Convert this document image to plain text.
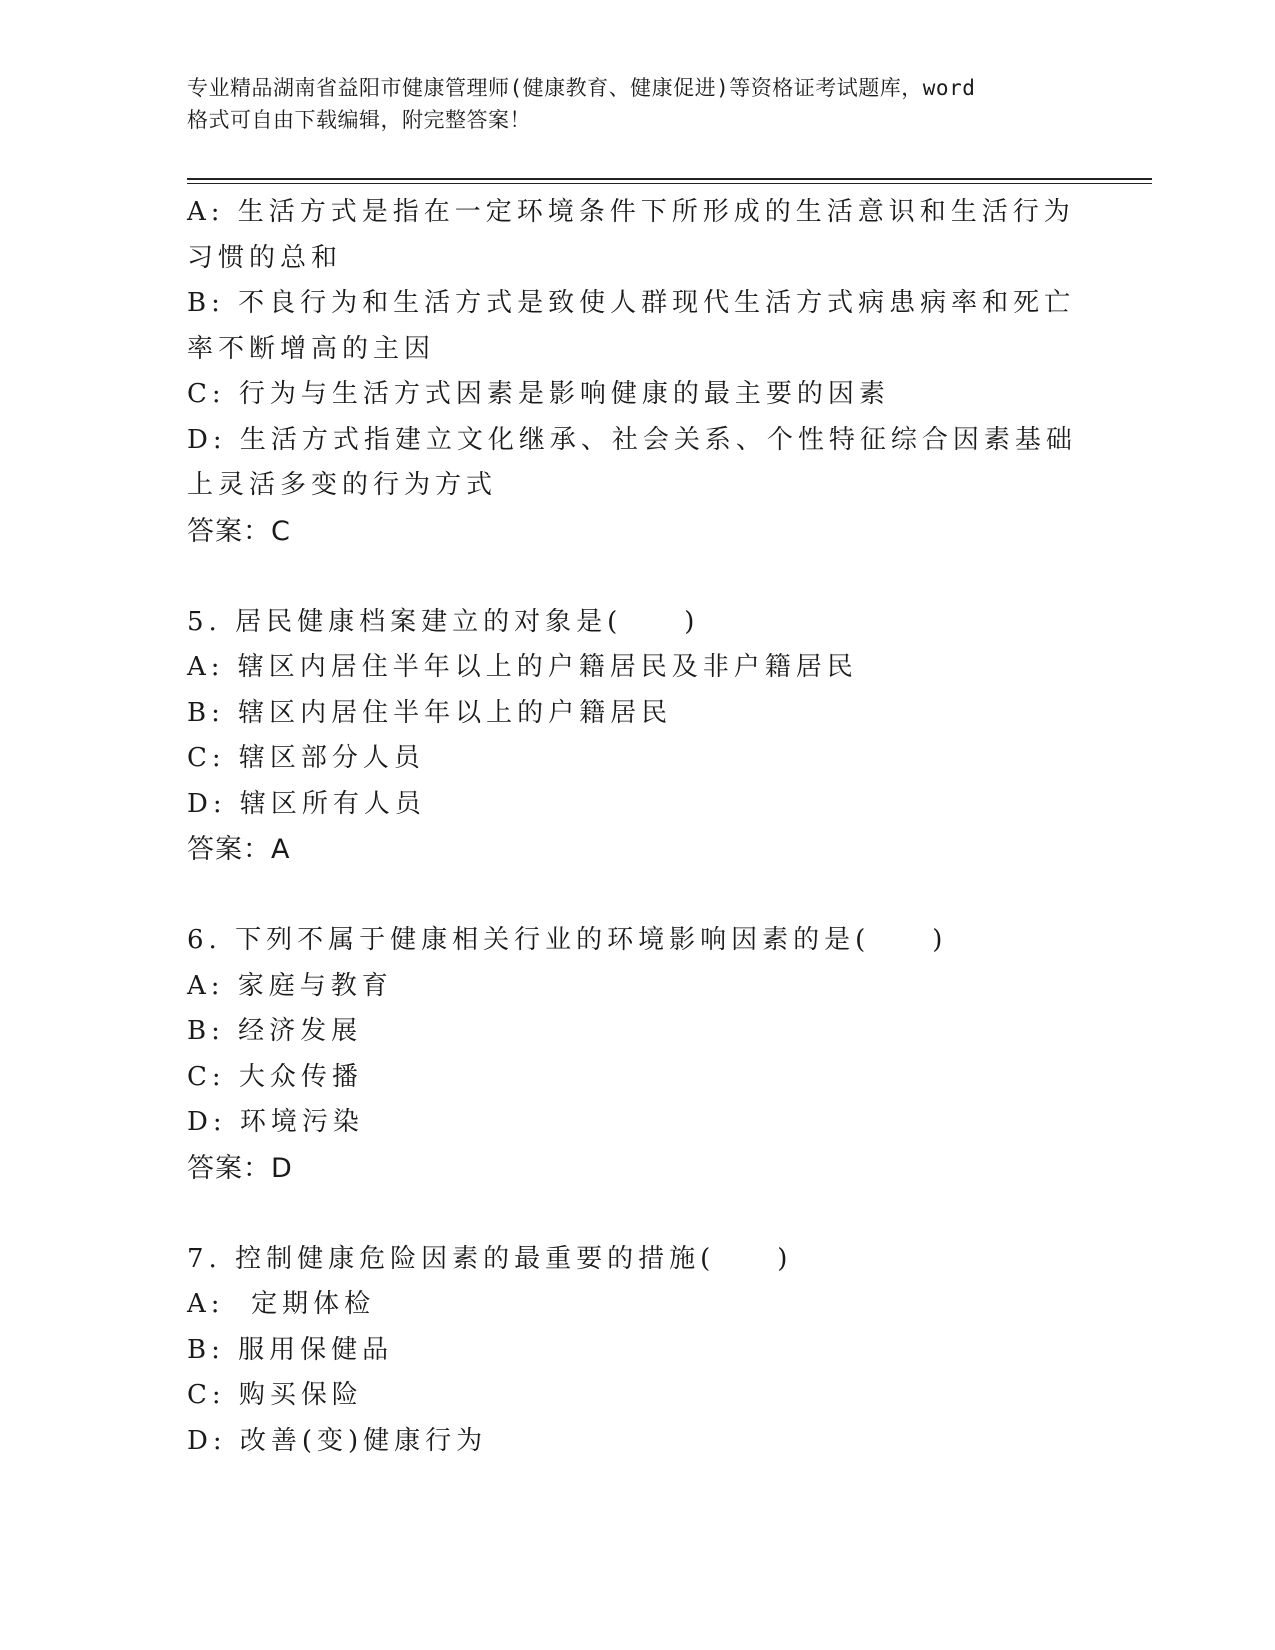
专业精品湖南省益阳市健康管理师(健康教育、健康促进)等资格证考试题库，word
格式可自由下载编辑，附完整答案！
A: 生活方式是指在一定环境条件下所形成的生活意识和生活行为习惯的总和
B: 不良行为和生活方式是致使人群现代生活方式病患病率和死亡率不断增高的主因
C: 行为与生活方式因素是影响健康的最主要的因素
D: 生活方式指建立文化继承、社会关系、个性特征综合因素基础上灵活多变的行为方式
答案：C
5. 居民健康档案建立的对象是(　　)
A: 辖区内居住半年以上的户籍居民及非户籍居民
B: 辖区内居住半年以上的户籍居民
C: 辖区部分人员
D: 辖区所有人员
答案：A
6. 下列不属于健康相关行业的环境影响因素的是(　　)
A: 家庭与教育
B: 经济发展
C: 大众传播
D: 环境污染
答案：D
7. 控制健康危险因素的最重要的措施(　　)
A:  定期体检
B: 服用保健品
C: 购买保险
D: 改善(变)健康行为
